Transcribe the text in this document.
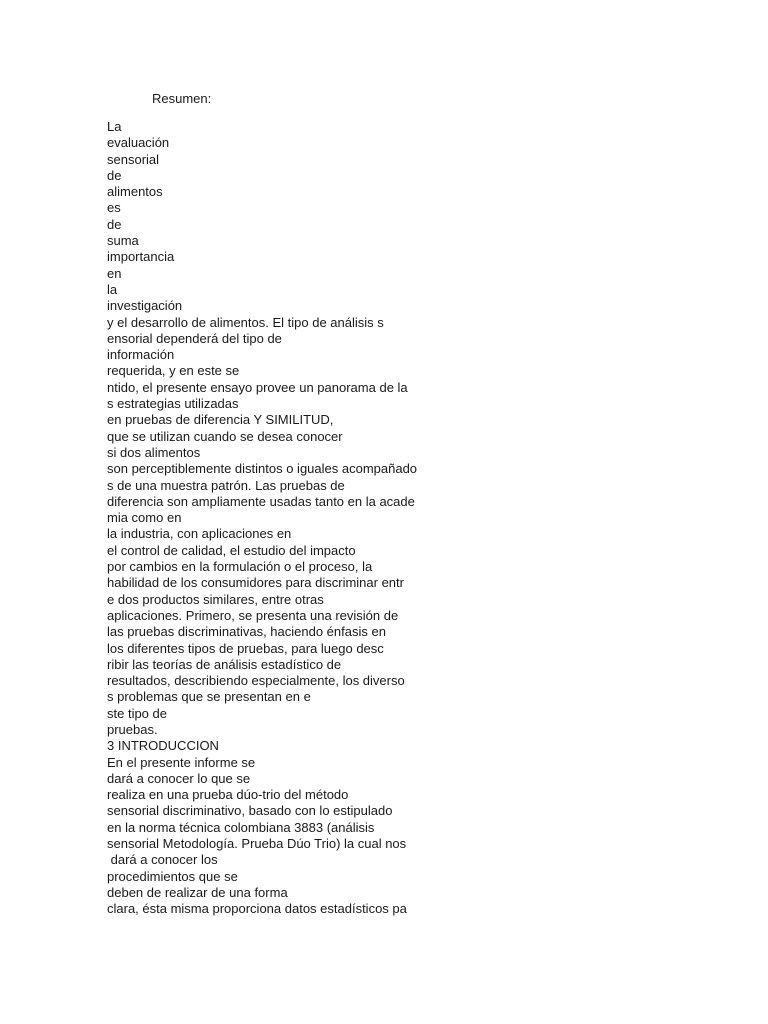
Resumen:
La
evaluación
sensorial
de
alimentos
es
de
suma
importancia
en
la
investigación
y el desarrollo de alimentos. El tipo de análisis s
ensorial dependerá del tipo de
información
requerida, y en este se
ntido, el presente ensayo provee un panorama de la
s estrategias utilizadas
en pruebas de diferencia Y SIMILITUD,
que se utilizan cuando se desea conocer
si dos alimentos
son perceptiblemente distintos o iguales acompañado
s de una muestra patrón. Las pruebas de
diferencia son ampliamente usadas tanto en la acade
mia como en
la industria, con aplicaciones en
el control de calidad, el estudio del impacto
por cambios en la formulación o el proceso, la
habilidad de los consumidores para discriminar entr
e dos productos similares, entre otras
aplicaciones. Primero, se presenta una revisión de
las pruebas discriminativas, haciendo énfasis en
los diferentes tipos de pruebas, para luego desc
ribir las teorías de análisis estadístico de
resultados, describiendo especialmente, los diverso
s problemas que se presentan en e
ste tipo de
pruebas.
3 INTRODUCCION
En el presente informe se
dará a conocer lo que se
realiza en una prueba dúo-trio del método
sensorial discriminativo, basado con lo estipulado
en la norma técnica colombiana 3883 (análisis
sensorial Metodología. Prueba Dúo Trio) la cual nos
dará a conocer los
procedimientos que se
deben de realizar de una forma
clara, ésta misma proporciona datos estadísticos pa
